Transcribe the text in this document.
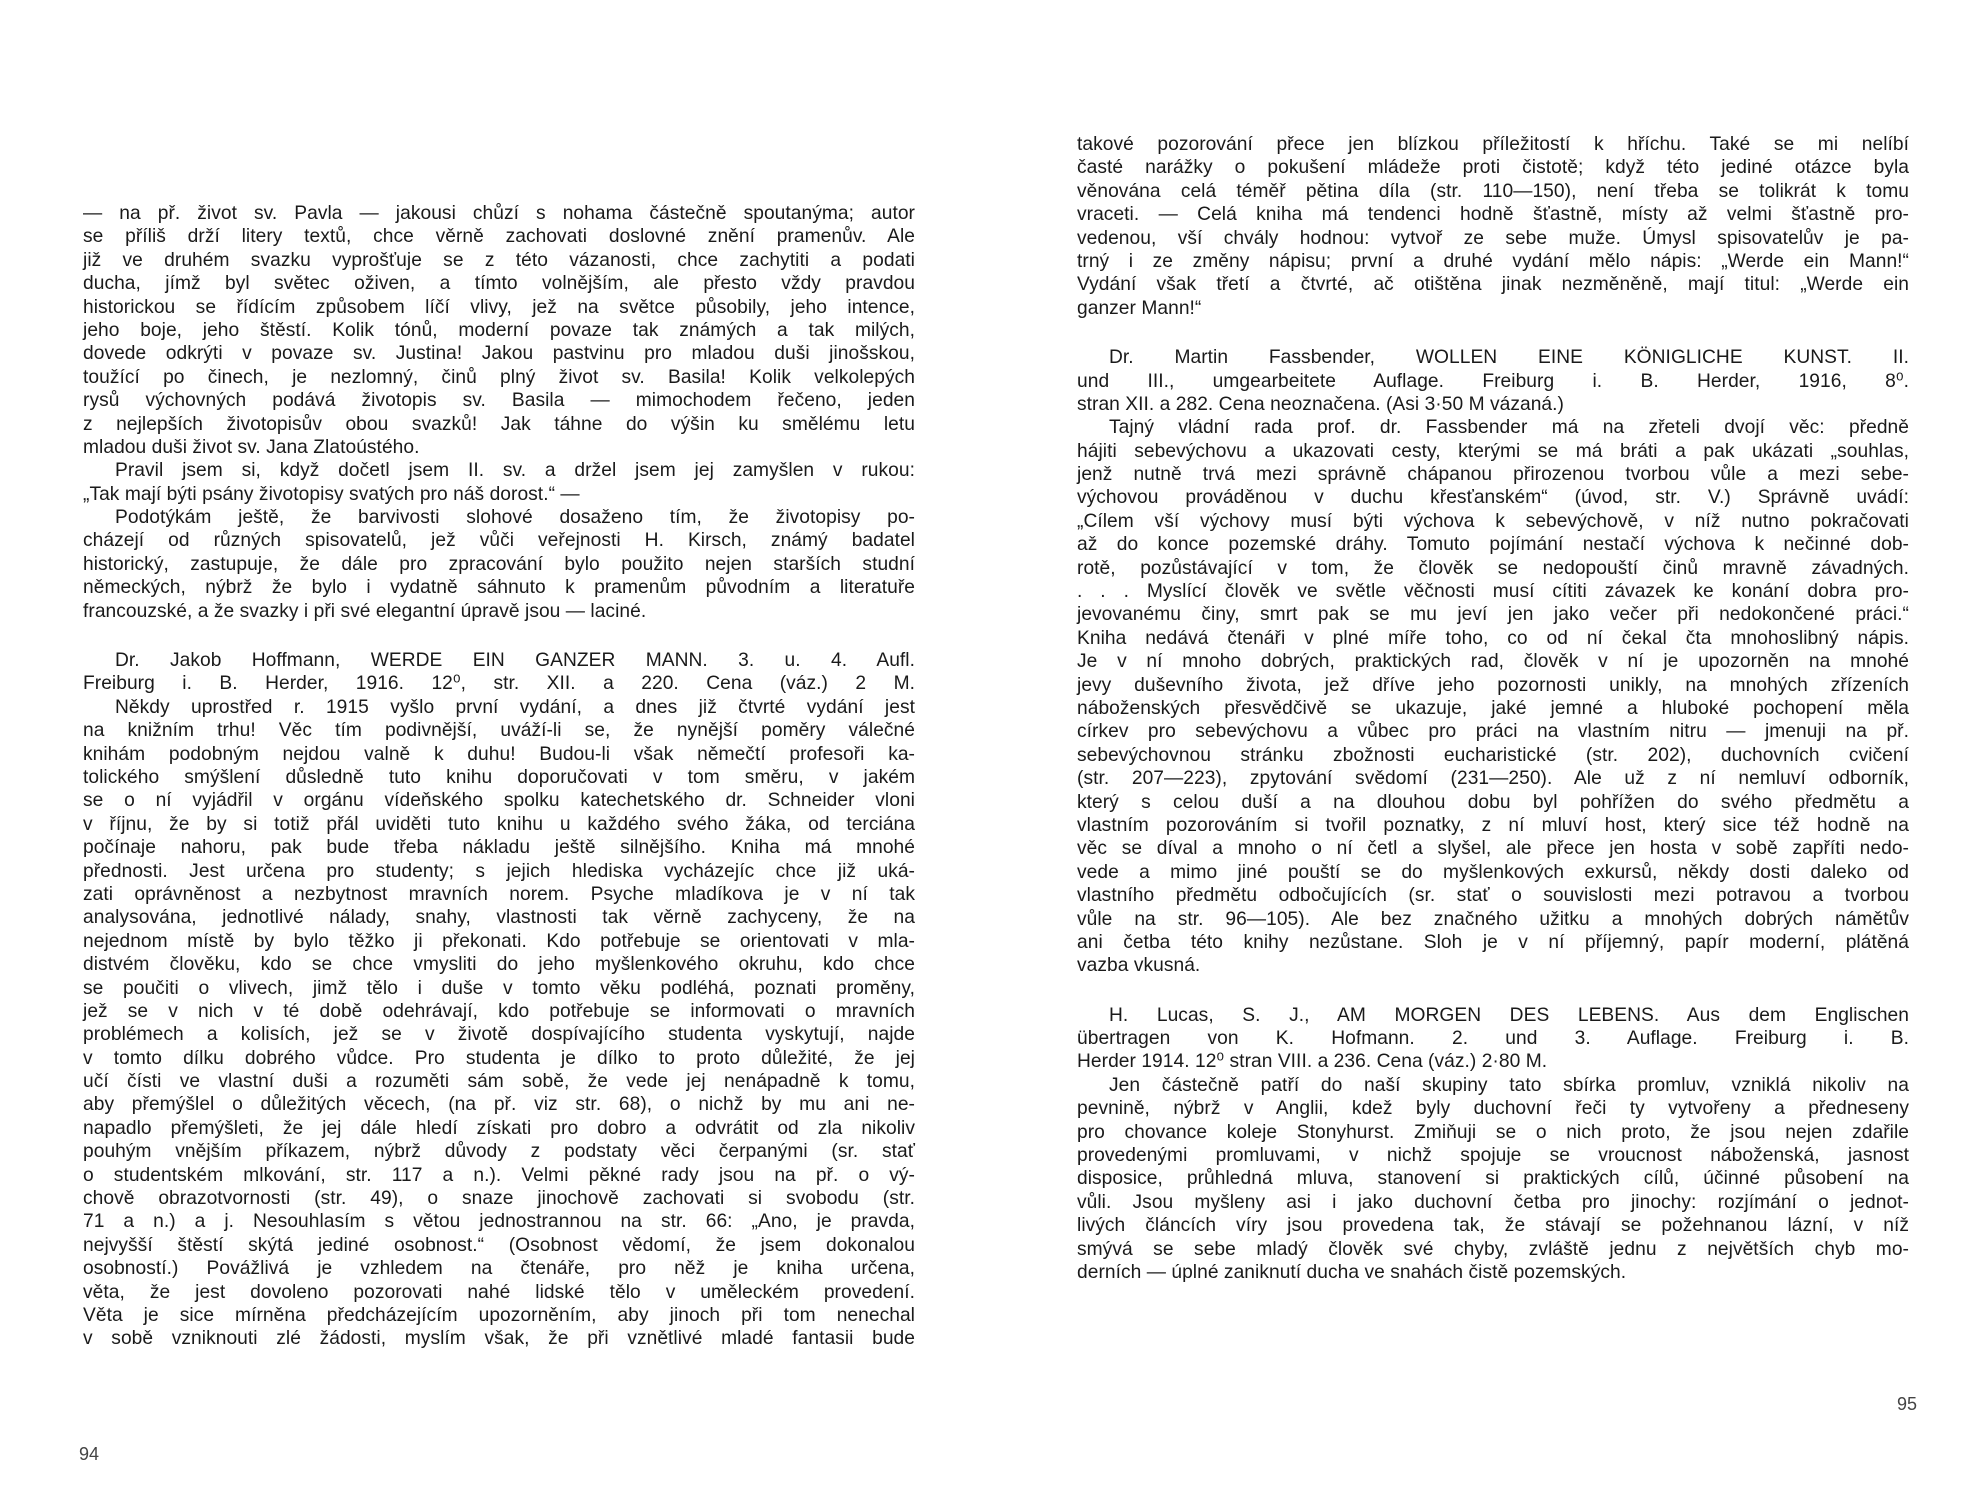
— na př. život sv. Pavla — jakousi chůzí s nohama částečně spoutanýma; autor
se příliš drží litery textů, chce věrně zachovati doslovné znění pramenův. Ale
již ve druhém svazku vyprošťuje se z této vázanosti, chce zachytiti a podati
ducha, jímž byl světec oživen, a tímto volnějším, ale přesto vždy pravdou
historickou se řídícím způsobem líčí vlivy, jež na světce působily, jeho intence,
jeho boje, jeho štěstí. Kolik tónů, moderní povaze tak známých a tak milých,
dovede odkrýti v povaze sv. Justina! Jakou pastvinu pro mladou duši jinošskou,
toužící po činech, je nezlomný, činů plný život sv. Basila! Kolik velkolepých
rysů výchovných podává životopis sv. Basila — mimochodem řečeno, jeden
z nejlepších životopisův obou svazků! Jak táhne do výšin ku smělému letu
mladou duši život sv. Jana Zlatoústého.
Pravil jsem si, když dočetl jsem II. sv. a držel jsem jej zamyšlen v rukou:
„Tak mají býti psány životopisy svatých pro náš dorost.“ —
Podotýkám ještě, že barvivosti slohové dosaženo tím, že životopisy po-
cházejí od různých spisovatelů, jež vůči veřejnosti H. Kirsch, známý badatel
historický, zastupuje, že dále pro zpracování bylo použito nejen starších studní
německých, nýbrž že bylo i vydatně sáhnuto k pramenům původním a literatuře
francouzské, a že svazky i při své elegantní úpravě jsou — laciné.
Dr. Jakob Hoffmann, WERDE EIN GANZER MANN. 3. u. 4. Aufl.
Freiburg i. B. Herder, 1916. 12⁰, str. XII. a 220. Cena (váz.) 2 M.
Někdy uprostřed r. 1915 vyšlo první vydání, a dnes již čtvrté vydání jest
na knižním trhu! Věc tím podivnější, uváží-li se, že nynější poměry válečné
knihám podobným nejdou valně k duhu! Budou-li však němečtí profesoři ka-
tolického smýšlení důsledně tuto knihu doporučovati v tom směru, v jakém
se o ní vyjádřil v orgánu vídeňského spolku katechetského dr. Schneider vloni
v říjnu, že by si totiž přál uviděti tuto knihu u každého svého žáka, od terciána
počínaje nahoru, pak bude třeba nákladu ještě silnějšího. Kniha má mnohé
přednosti. Jest určena pro studenty; s jejich hlediska vycházejíc chce již uká-
zati oprávněnost a nezbytnost mravních norem. Psyche mladíkova je v ní tak
analysována, jednotlivé nálady, snahy, vlastnosti tak věrně zachyceny, že na
nejednom místě by bylo těžko ji překonati. Kdo potřebuje se orientovati v mla-
distvém člověku, kdo se chce vmysliti do jeho myšlenkového okruhu, kdo chce
se poučiti o vlivech, jimž tělo i duše v tomto věku podléhá, poznati proměny,
jež se v nich v té době odehrávají, kdo potřebuje se informovati o mravních
problémech a kolisích, jež se v životě dospívajícího studenta vyskytují, najde
v tomto dílku dobrého vůdce. Pro studenta je dílko to proto důležité, že jej
učí čísti ve vlastní duši a rozuměti sám sobě, že vede jej nenápadně k tomu,
aby přemýšlel o důležitých věcech, (na př. viz str. 68), o nichž by mu ani ne-
napadlo přemýšleti, že jej dále hledí získati pro dobro a odvrátit od zla nikoliv
pouhým vnějším příkazem, nýbrž důvody z podstaty věci čerpanými (sr. stať
o studentském mlkování, str. 117 a n.). Velmi pěkné rady jsou na př. o vý-
chově obrazotvornosti (str. 49), o snaze jinochově zachovati si svobodu (str.
71 a n.) a j. Nesouhlasím s větou jednostrannou na str. 66: „Ano, je pravda,
nejvyšší štěstí skýtá jediné osobnost.“ (Osobnost vědomí, že jsem dokonalou
osobností.) Povážlivá je vzhledem na čtenáře, pro něž je kniha určena,
věta, že jest dovoleno pozorovati nahé lidské tělo v uměleckém provedení.
Věta je sice mírněna předcházejícím upozorněním, aby jinoch při tom nenechal
v sobě vzniknouti zlé žádosti, myslím však, že při vznětlivé mladé fantasii bude
94
takové pozorování přece jen blízkou příležitostí k hříchu. Také se mi nelíbí
časté narážky o pokušení mládeže proti čistotě; když této jediné otázce byla
věnována celá téměř pětina díla (str. 110—150), není třeba se tolikrát k tomu
vraceti. — Celá kniha má tendenci hodně šťastně, místy až velmi šťastně pro-
vedenou, vší chvály hodnou: vytvoř ze sebe muže. Úmysl spisovatelův je pa-
trný i ze změny nápisu; první a druhé vydání mělo nápis: „Werde ein Mann!“
Vydání však třetí a čtvrté, ač otištěna jinak nezměněně, mají titul: „Werde ein
ganzer Mann!“
Dr. Martin Fassbender, WOLLEN EINE KÖNIGLICHE KUNST. II.
und III., umgearbeitete Auflage. Freiburg i. B. Herder, 1916, 8⁰.
stran XII. a 282. Cena neoznačena. (Asi 3·50 M vázaná.)
Tajný vládní rada prof. dr. Fassbender má na zřeteli dvojí věc: předně
hájiti sebevýchovu a ukazovati cesty, kterými se má bráti a pak ukázati „souhlas,
jenž nutně trvá mezi správně chápanou přirozenou tvorbou vůle a mezi sebe-
výchovou prováděnou v duchu křesťanském“ (úvod, str. V.) Správně uvádí:
„Cílem vší výchovy musí býti výchova k sebevýchově, v níž nutno pokračovati
až do konce pozemské dráhy. Tomuto pojímání nestačí výchova k nečinné dob-
rotě, pozůstávající v tom, že člověk se nedopouští činů mravně závadných.
. . . Myslící člověk ve světle věčnosti musí cítiti závazek ke konání dobra pro-
jevovanému činy, smrt pak se mu jeví jen jako večer při nedokončené práci.“
Kniha nedává čtenáři v plné míře toho, co od ní čekal čta mnohoslibný nápis.
Je v ní mnoho dobrých, praktických rad, člověk v ní je upozorněn na mnohé
jevy duševního života, jež dříve jeho pozornosti unikly, na mnohých zřízeních
náboženských přesvědčivě se ukazuje, jaké jemné a hluboké pochopení měla
církev pro sebevýchovu a vůbec pro práci na vlastním nitru — jmenuji na př.
sebevýchovnou stránku zbožnosti eucharistické (str. 202), duchovních cvičení
(str. 207—223), zpytování svědomí (231—250). Ale už z ní nemluví odborník,
který s celou duší a na dlouhou dobu byl pohřížen do svého předmětu a
vlastním pozorováním si tvořil poznatky, z ní mluví host, který sice též hodně na
věc se díval a mnoho o ní četl a slyšel, ale přece jen hosta v sobě zapříti nedo-
vede a mimo jiné pouští se do myšlenkových exkursů, někdy dosti daleko od
vlastního předmětu odbočujících (sr. stať o souvislosti mezi potravou a tvorbou
vůle na str. 96—105). Ale bez značného užitku a mnohých dobrých námětův
ani četba této knihy nezůstane. Sloh je v ní příjemný, papír moderní, plátěná
vazba vkusná.
H. Lucas, S. J., AM MORGEN DES LEBENS. Aus dem Englischen
übertragen von K. Hofmann. 2. und 3. Auflage. Freiburg i. B.
Herder 1914. 12⁰ stran VIII. a 236. Cena (váz.) 2·80 M.
Jen částečně patří do naší skupiny tato sbírka promluv, vzniklá nikoliv na
pevnině, nýbrž v Anglii, kdež byly duchovní řeči ty vytvořeny a předneseny
pro chovance koleje Stonyhurst. Zmiňuji se o nich proto, že jsou nejen zdařile
provedenými promluvami, v nichž spojuje se vroucnost náboženská, jasnost
disposice, průhledná mluva, stanovení si praktických cílů, účinné působení na
vůli. Jsou myšleny asi i jako duchovní četba pro jinochy: rozjímání o jednot-
livých článcích víry jsou provedena tak, že stávají se požehnanou lázní, v níž
smývá se sebe mladý člověk své chyby, zvláště jednu z největších chyb mo-
derních — úplné zaniknutí ducha ve snahách čistě pozemských.
95
